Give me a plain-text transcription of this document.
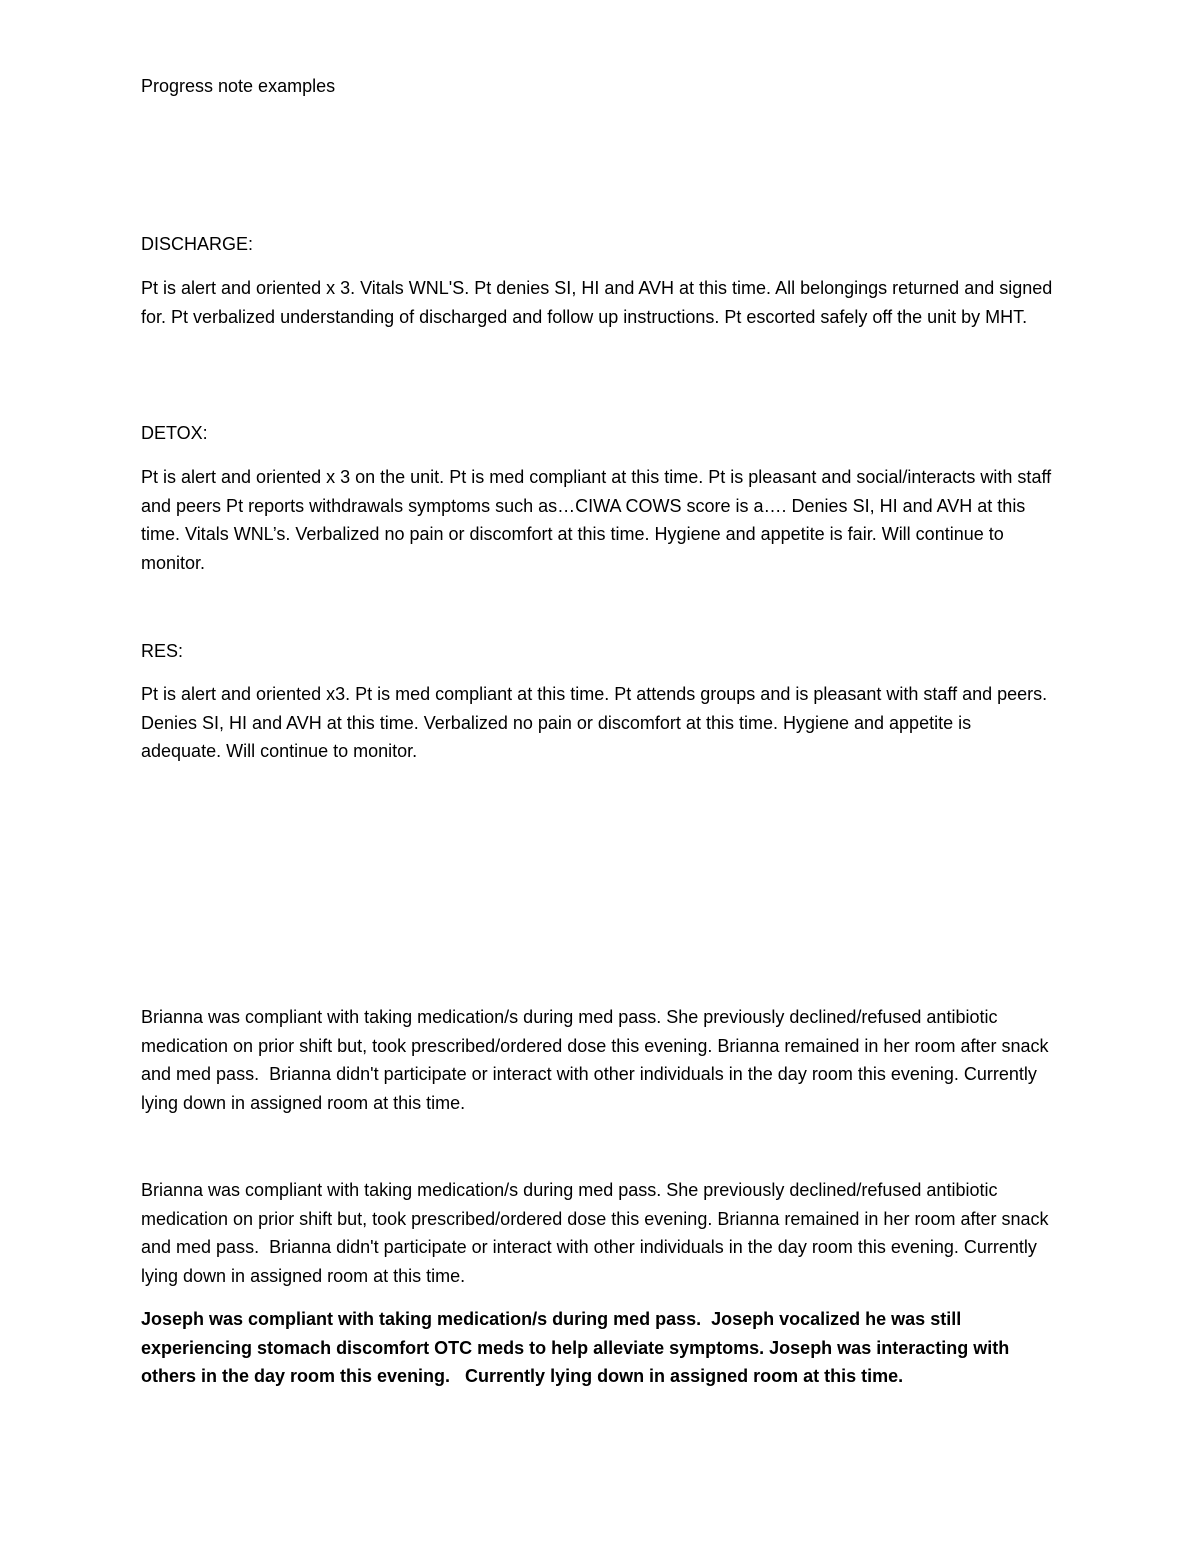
Progress note examples

DISCHARGE:

Pt is alert and oriented x 3. Vitals WNL'S. Pt denies SI, HI and AVH at this time. All belongings returned and signed for. Pt verbalized understanding of discharged and follow up instructions. Pt escorted safely off the unit by MHT.

DETOX:

Pt is alert and oriented x 3 on the unit. Pt is med compliant at this time. Pt is pleasant and social/interacts with staff and peers Pt reports withdrawals symptoms such as…CIWA COWS score is a…. Denies SI, HI and AVH at this time. Vitals WNL’s. Verbalized no pain or discomfort at this time. Hygiene and appetite is fair. Will continue to monitor.

RES:

Pt is alert and oriented x3. Pt is med compliant at this time. Pt attends groups and is pleasant with staff and peers. Denies SI, HI and AVH at this time. Verbalized no pain or discomfort at this time. Hygiene and appetite is adequate. Will continue to monitor.

Brianna was compliant with taking medication/s during med pass. She previously declined/refused antibiotic medication on prior shift but, took prescribed/ordered dose this evening. Brianna remained in her room after snack and med pass.  Brianna didn't participate or interact with other individuals in the day room this evening. Currently lying down in assigned room at this time.

Brianna was compliant with taking medication/s during med pass. She previously declined/refused antibiotic medication on prior shift but, took prescribed/ordered dose this evening. Brianna remained in her room after snack and med pass.  Brianna didn't participate or interact with other individuals in the day room this evening. Currently lying down in assigned room at this time.

Joseph was compliant with taking medication/s during med pass.  Joseph vocalized he was still experiencing stomach discomfort OTC meds to help alleviate symptoms. Joseph was interacting with others in the day room this evening.   Currently lying down in assigned room at this time.
